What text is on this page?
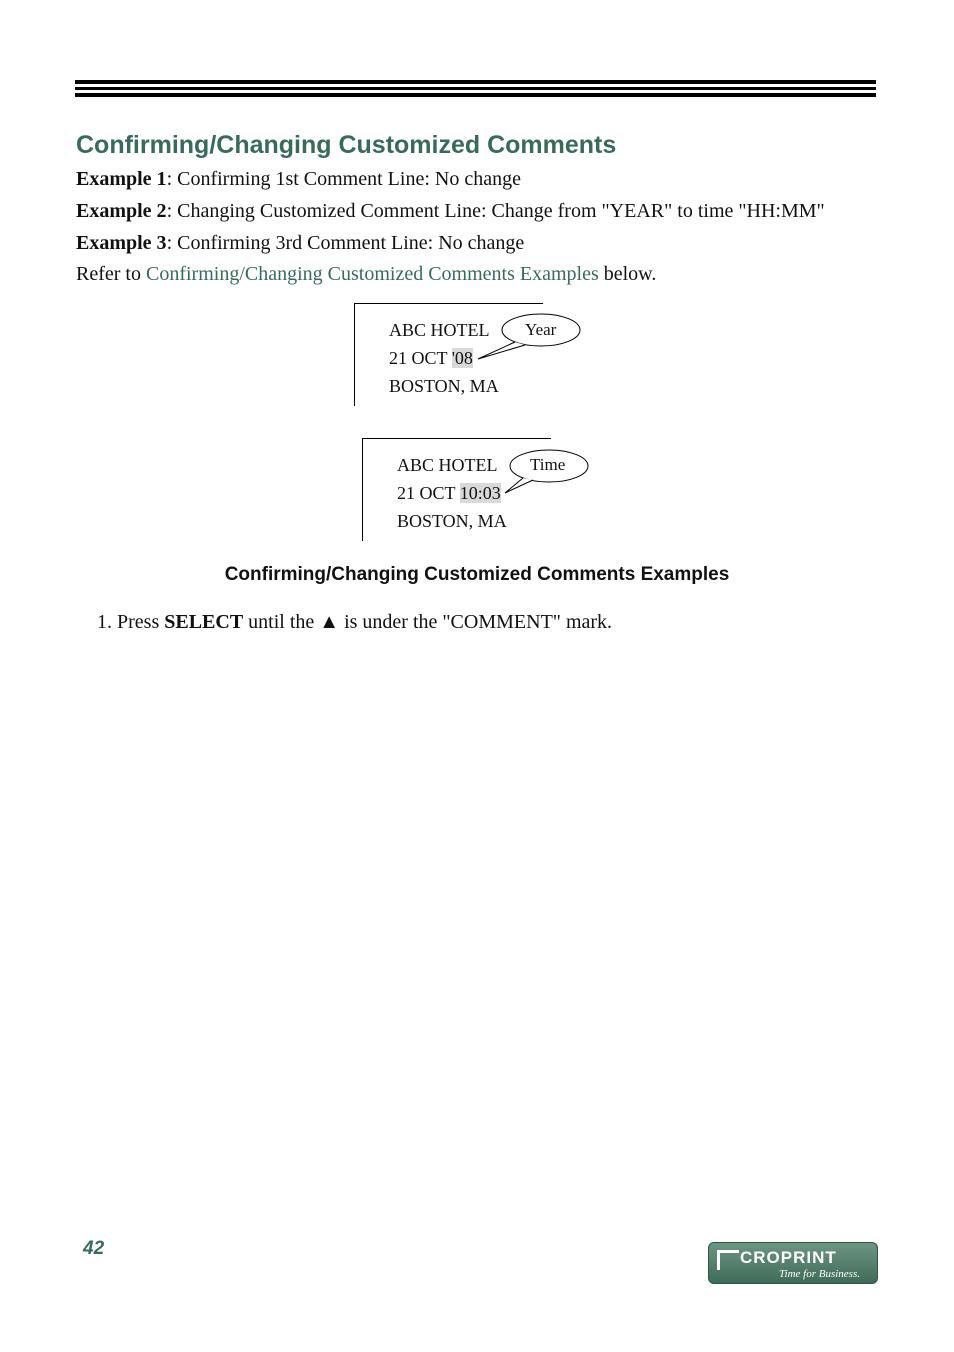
Confirming/Changing Customized Comments
Example 1: Confirming 1st Comment Line: No change
Example 2: Changing Customized Comment Line: Change from "YEAR" to time "HH:MM"
Example 3: Confirming 3rd Comment Line: No change
Refer to Confirming/Changing Customized Comments Examples below.
ABC HOTEL
21 OCT '08
BOSTON, MA
Year
ABC HOTEL
21 OCT 10:03
BOSTON, MA
Time
Confirming/Changing Customized Comments Examples
1. Press SELECT until the ▲ is under the "COMMENT" mark.
42	CROPRINT
Time for Business.
